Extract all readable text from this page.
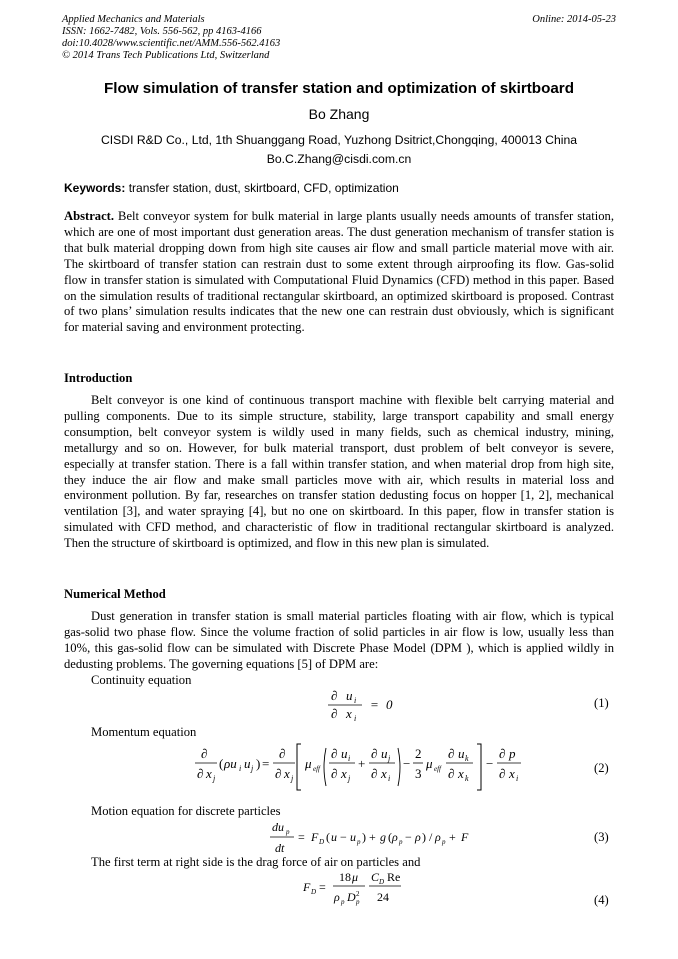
Applied Mechanics and Materials
ISSN: 1662-7482, Vols. 556-562, pp 4163-4166
doi:10.4028/www.scientific.net/AMM.556-562.4163
© 2014 Trans Tech Publications Ltd, Switzerland
Online: 2014-05-23
Flow simulation of transfer station and optimization of skirtboard
Bo Zhang
CISDI R&D Co., Ltd, 1th Shuanggang Road, Yuzhong Dsitrict,Chongqing, 400013 China
Bo.C.Zhang@cisdi.com.cn
Keywords: transfer station, dust, skirtboard, CFD, optimization

Abstract. Belt conveyor system for bulk material in large plants usually needs amounts of transfer station, which are one of most important dust generation areas. The dust generation mechanism of transfer station is that bulk material dropping down from high site causes air flow and small particle material move with air. The skirtboard of transfer station can restrain dust to some extent through airproofing its flow. Gas-solid flow in transfer station is simulated with Computational Fluid Dynamics (CFD) method in this paper. Based on the simulation results of traditional rectangular skirtboard, an optimized skirtboard is proposed. Contrast of two plans’ simulation results indicates that the new one can restrain dust obviously, which is significant for material saving and environment protecting.

Introduction

Belt conveyor is one kind of continuous transport machine with flexible belt carrying material and pulling components. Due to its simple structure, stability, large transport capability and small energy consumption, belt conveyor system is wildly used in many fields, such as chemical industry, mining, metallurgy and so on. However, for bulk material transport, dust problem of belt conveyor is severe, especially at transfer station. There is a fall within transfer station, and when material drop from high site, they induce the air flow and make small particles move with air, which results in material loss and environment pollution. By far, researches on transfer station dedusting focus on hopper [1, 2], mechanical ventilation [3], and water spraying [4], but no one on skirtboard. In this paper, flow in transfer station is simulated with CFD method, and characteristic of flow in traditional rectangular skirtboard is analyzed. Then the structure of skirtboard is optimized, and flow in this new plan is simulated.

Numerical Method

Dust generation in transfer station is small material particles floating with air flow, which is typical gas-solid two phase flow. Since the volume fraction of solid particles in air flow is low, usually less than 10%, this gas-solid flow can be simulated with Discrete Phase Model (DPM ), which is applied wildly in dedusting problems. The governing equations [5] of DPM are:

Continuity equation
∂ u i
∂ x i
= 0	(1)
Momentum equation
∂
∂ x j
( ρu i u j ) =
∂
∂ x j
μ eff
∂ u i
∂ x j
+
∂ u j
∂ x i
−
2
3
μ eff
∂ u k
∂ x k
−
∂ p
∂ x i
(2)
Motion equation for discrete particles
du p
dt
= F D ( u − u p ) + g ( ρ p − ρ ) / ρ p + F	(3)
The first term at right side is the drag force of air on particles and
F D =
18 μ
ρ p D p
2
C D Re
24	(4)
